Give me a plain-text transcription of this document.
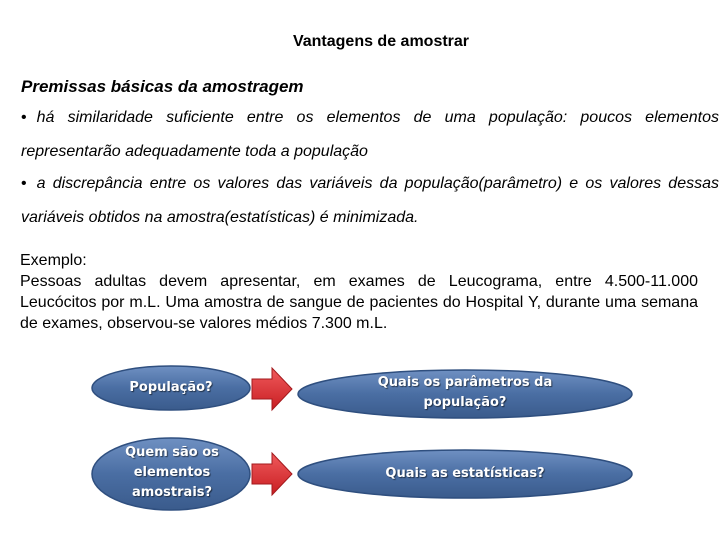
Vantagens de amostrar
Premissas básicas da amostragem
• há similaridade suficiente entre os elementos de uma população: poucos elementos representarão adequadamente toda a população
• a discrepância entre os valores das variáveis da população(parâmetro) e os valores dessas variáveis obtidos na amostra(estatísticas) é minimizada.
Exemplo:
Pessoas adultas devem apresentar, em exames de Leucograma, entre 4.500-11.000 Leucócitos por m.L. Uma amostra de sangue de pacientes do Hospital Y, durante uma semana de exames, observou-se valores médios 7.300 m.L.
População?
Quem são os elementos amostrais?
Quais os parâmetros da população?
Quais as estatísticas?
